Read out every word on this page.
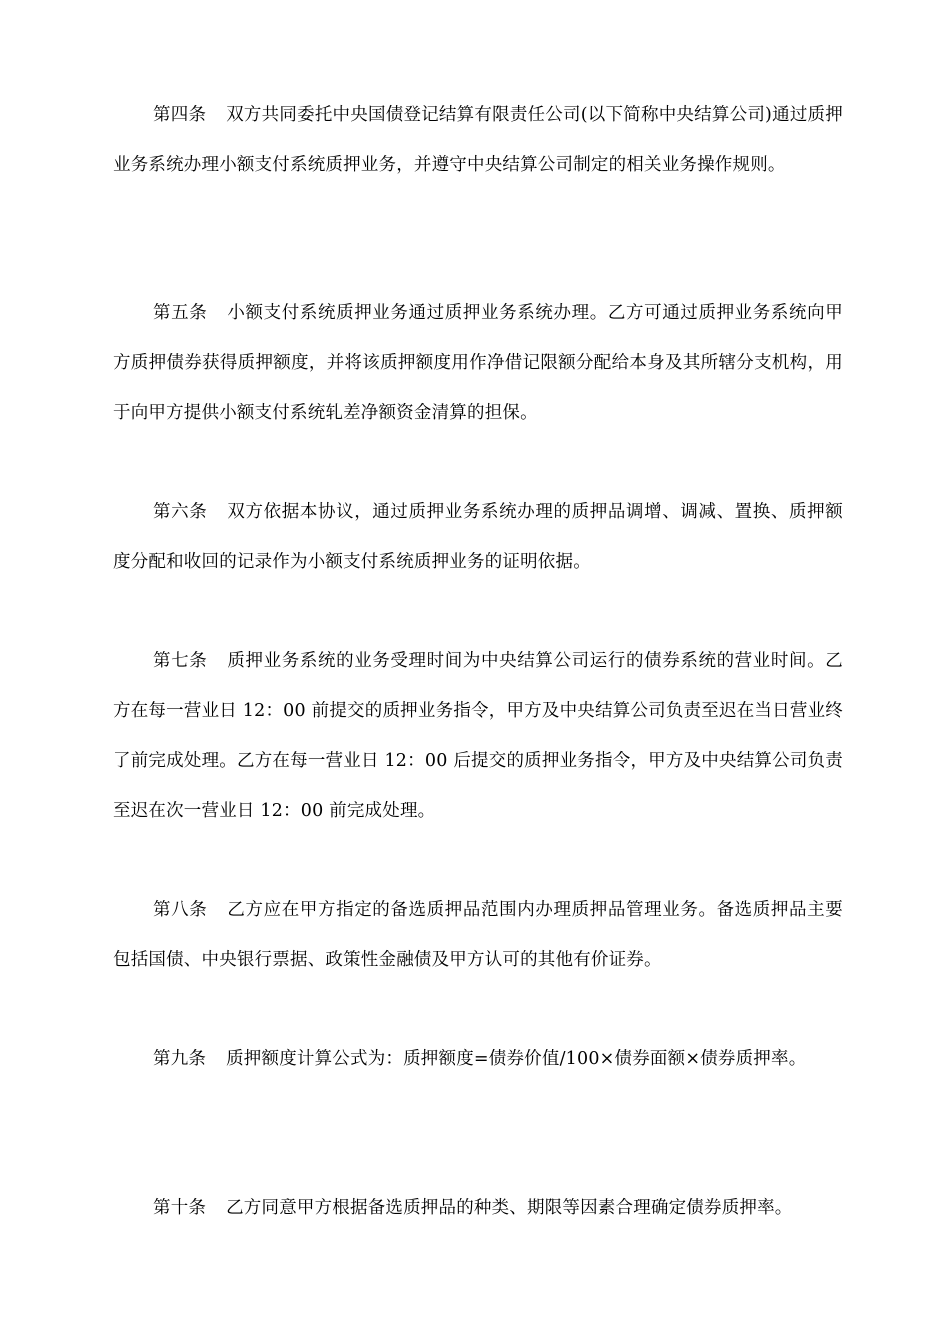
第四条 双方共同委托中央国债登记结算有限责任公司(以下简称中央结算公司)通过质押业务系统办理小额支付系统质押业务，并遵守中央结算公司制定的相关业务操作规则。

第五条 小额支付系统质押业务通过质押业务系统办理。乙方可通过质押业务系统向甲方质押债券获得质押额度，并将该质押额度用作净借记限额分配给本身及其所辖分支机构，用于向甲方提供小额支付系统轧差净额资金清算的担保。

第六条 双方依据本协议，通过质押业务系统办理的质押品调增、调减、置换、质押额度分配和收回的记录作为小额支付系统质押业务的证明依据。

第七条 质押业务系统的业务受理时间为中央结算公司运行的债券系统的营业时间。乙方在每一营业日 12：00 前提交的质押业务指令，甲方及中央结算公司负责至迟在当日营业终了前完成处理。乙方在每一营业日 12：00 后提交的质押业务指令，甲方及中央结算公司负责至迟在次一营业日 12：00 前完成处理。

第八条 乙方应在甲方指定的备选质押品范围内办理质押品管理业务。备选质押品主要包括国债、中央银行票据、政策性金融债及甲方认可的其他有价证券。

第九条 质押额度计算公式为：质押额度=债券价值/100×债券面额×债券质押率。

第十条 乙方同意甲方根据备选质押品的种类、期限等因素合理确定债券质押率。
